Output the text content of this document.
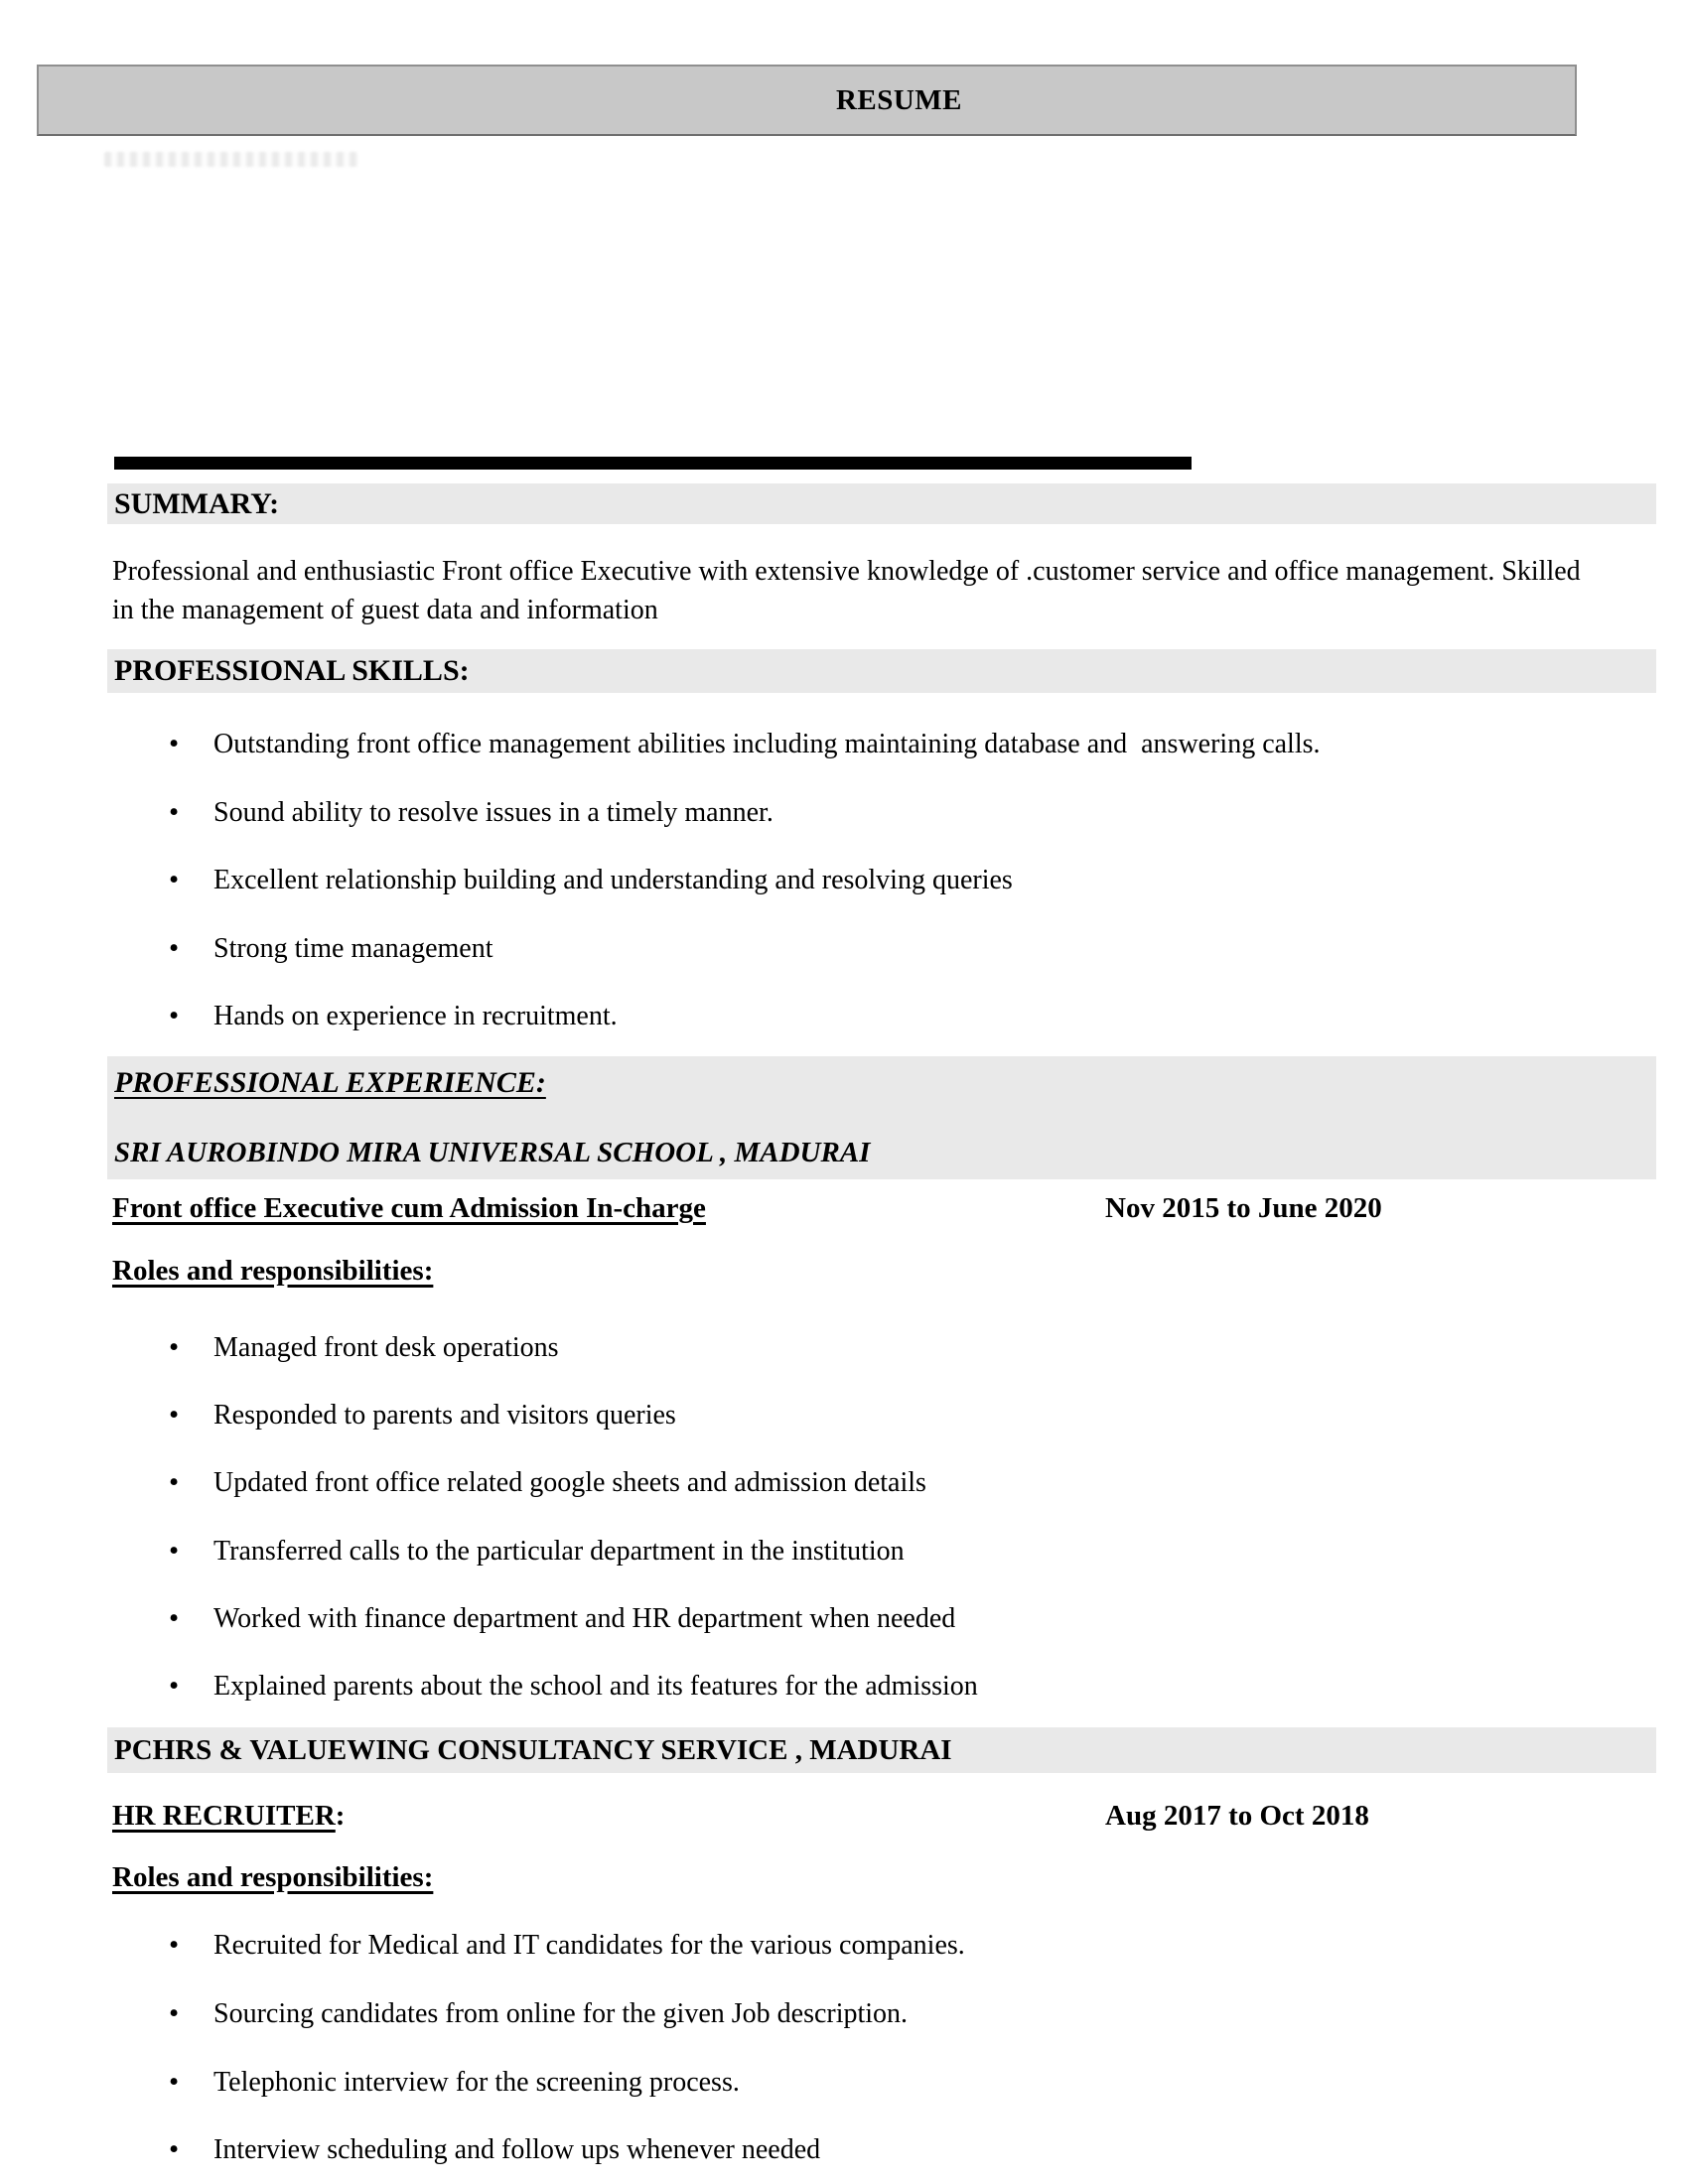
RESUME
SUMMARY:
Professional and enthusiastic Front office Executive with extensive knowledge of .customer service and office management. Skilled in the management of guest data and information
PROFESSIONAL SKILLS:
• Outstanding front office management abilities including maintaining database and  answering calls.
• Sound ability to resolve issues in a timely manner.
• Excellent relationship building and understanding and resolving queries
• Strong time management
• Hands on experience in recruitment.
PROFESSIONAL EXPERIENCE:
SRI AUROBINDO MIRA UNIVERSAL SCHOOL , MADURAI
Front office Executive cum Admission In-charge	Nov 2015 to June 2020
Roles and responsibilities:
• Managed front desk operations
• Responded to parents and visitors queries
• Updated front office related google sheets and admission details
• Transferred calls to the particular department in the institution
• Worked with finance department and HR department when needed
• Explained parents about the school and its features for the admission
PCHRS & VALUEWING CONSULTANCY SERVICE , MADURAI
HR RECRUITER:	Aug 2017 to Oct 2018
Roles and responsibilities:
• Recruited for Medical and IT candidates for the various companies.
• Sourcing candidates from online for the given Job description.
• Telephonic interview for the screening process.
• Interview scheduling and follow ups whenever needed
